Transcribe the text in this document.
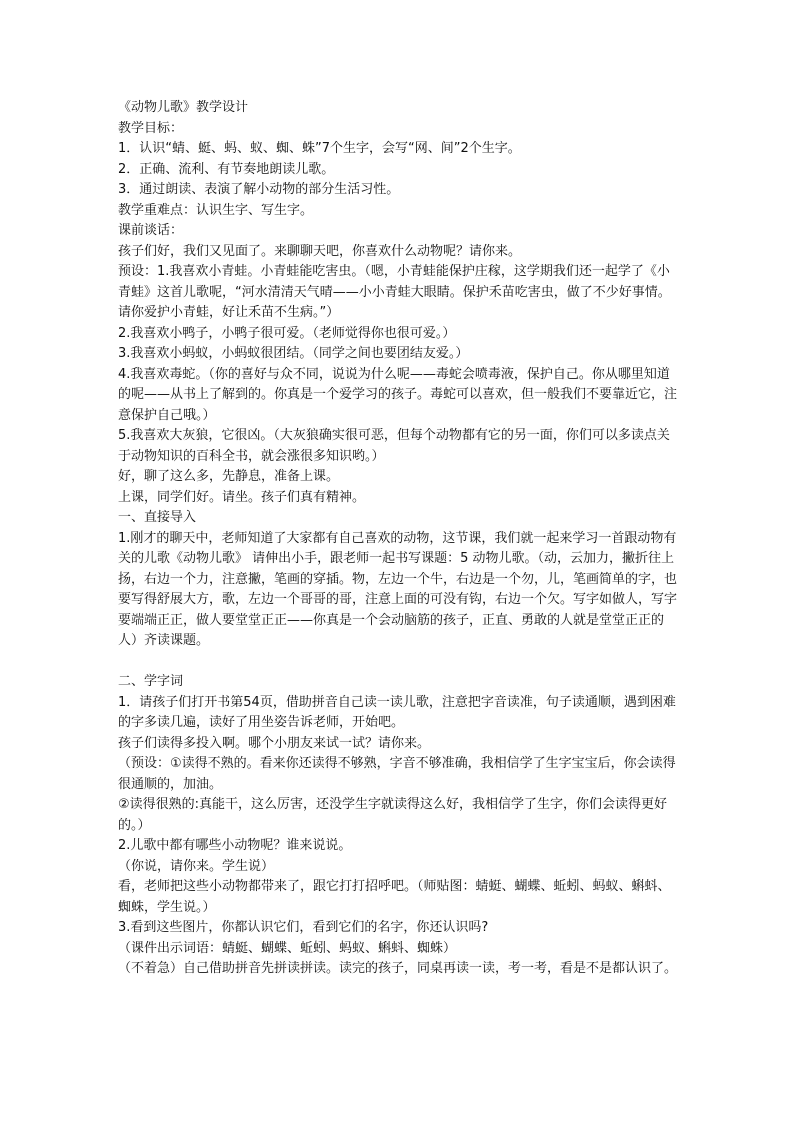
《动物儿歌》教学设计

教学目标：

1．认识“蜻、蜓、蚂、蚁、蜘、蛛”7个生字，会写“网、间”2个生字。

2．正确、流利、有节奏地朗读儿歌。

3．通过朗读、表演了解小动物的部分生活习性。

教学重难点：认识生字、写生字。

课前谈话：

孩子们好，我们又见面了。来聊聊天吧，你喜欢什么动物呢？请你来。

预设：1.我喜欢小青蛙。小青蛙能吃害虫。（嗯，小青蛙能保护庄稼，这学期我们还一起学了《小青蛙》这首儿歌呢，“河水清清天气晴——小小青蛙大眼睛。保护禾苗吃害虫，做了不少好事情。请你爱护小青蛙，好让禾苗不生病。”）

2.我喜欢小鸭子，小鸭子很可爱。（老师觉得你也很可爱。）

3.我喜欢小蚂蚁，小蚂蚁很团结。（同学之间也要团结友爱。）

4.我喜欢毒蛇。（你的喜好与众不同，说说为什么呢——毒蛇会喷毒液，保护自己。你从哪里知道的呢——从书上了解到的。你真是一个爱学习的孩子。毒蛇可以喜欢，但一般我们不要靠近它，注意保护自己哦。）

5.我喜欢大灰狼，它很凶。（大灰狼确实很可恶，但每个动物都有它的另一面，你们可以多读点关于动物知识的百科全书，就会涨很多知识哟。）

好，聊了这么多，先静息，准备上课。

上课，同学们好。请坐。孩子们真有精神。

一、直接导入

1.刚才的聊天中，老师知道了大家都有自己喜欢的动物，这节课，我们就一起来学习一首跟动物有关的儿歌《动物儿歌》 请伸出小手，跟老师一起书写课题：5 动物儿歌。（动，云加力，撇折往上扬，右边一个力，注意撇，笔画的穿插。物，左边一个牛，右边是一个勿，儿，笔画简单的字，也要写得舒展大方，歌，左边一个哥哥的哥，注意上面的可没有钩，右边一个欠。写字如做人，写字要端端正正，做人要堂堂正正——你真是一个会动脑筋的孩子，正直、勇敢的人就是堂堂正正的人）齐读课题。

二、学字词

1．请孩子们打开书第54页，借助拼音自己读一读儿歌，注意把字音读准，句子读通顺，遇到困难的字多读几遍，读好了用坐姿告诉老师，开始吧。

孩子们读得多投入啊。哪个小朋友来试一试？请你来。

（预设：①读得不熟的。看来你还读得不够熟，字音不够准确，我相信学了生字宝宝后，你会读得很通顺的，加油。

②读得很熟的:真能干，这么厉害，还没学生字就读得这么好，我相信学了生字，你们会读得更好的。）

2.儿歌中都有哪些小动物呢？谁来说说。

（你说，请你来。学生说）

看，老师把这些小动物都带来了，跟它打打招呼吧。（师贴图：蜻蜓、蝴蝶、蚯蚓、蚂蚁、蝌蚪、蜘蛛，学生说。）

3.看到这些图片，你都认识它们，看到它们的名字，你还认识吗?

（课件出示词语：蜻蜓、蝴蝶、蚯蚓、蚂蚁、蝌蚪、蜘蛛）

（不着急）自己借助拼音先拼读拼读。读完的孩子，同桌再读一读，考一考，看是不是都认识了。
